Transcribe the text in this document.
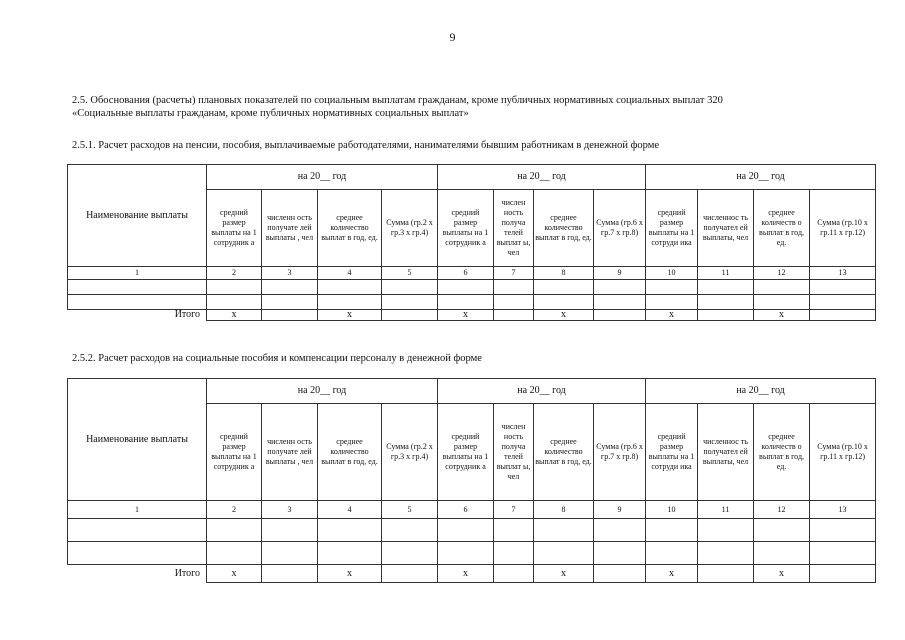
9
2.5. Обоснования (расчеты) плановых показателей по социальным выплатам гражданам, кроме публичных нормативных социальных выплат 320
«Социальные выплаты гражданам, кроме публичных нормативных социальных выплат»
2.5.1. Расчет расходов на пенсии, пособия, выплачиваемые работодателями, нанимателями бывшим работникам в денежной форме
Наименование выплаты	на 20__ год				на 20__ год				на 20__ год			
	средний размер выплаты на 1 сотрудник а	численн ость получате лей выплаты , чел	среднее количество выплат в год, ед.	Сумма (гр.2 х гр.3 х гр.4)	средний размер выплаты на 1 сотрудник а	числен ность получа телей выплат ы, чел	среднее количество выплат в год, ед.	Сумма (гр.6 х гр.7 х гр.8)	средний размер выплаты на 1 сотруди ика	численнос ть получател ей выплаты, чел	среднее количеств о выплат в год, ед.	Сумма (гр.10 х гр.11 х гр.12)
1	2	3	4	5	6	7	8	9	10	11	12	13

Итого	x		x		x		x		x		x	
2.5.2. Расчет расходов на социальные пособия и компенсации персоналу в денежной форме
Наименование выплаты	на 20__ год				на 20__ год				на 20__ год			
	средний размер выплаты на 1 сотрудник а	численн ость получате лей выплаты , чел	среднее количество выплат в год, ед.	Сумма (гр.2 х гр.3 х гр.4)	средний размер выплаты на 1 сотрудник а	числен ность получа телей выплат ы, чел	среднее количество выплат в год, ед.	Сумма (гр.6 х гр.7 х гр.8)	средний размер выплаты на 1 сотруди ика	численнос ть получател ей выплаты, чел	среднее количеств о выплат в год, ед.	Сумма (гр.10 х гр.11 х гр.12)
1	2	3	4	5	6	7	8	9	10	11	12	13

Итого	x		x		x		x		x		x	
